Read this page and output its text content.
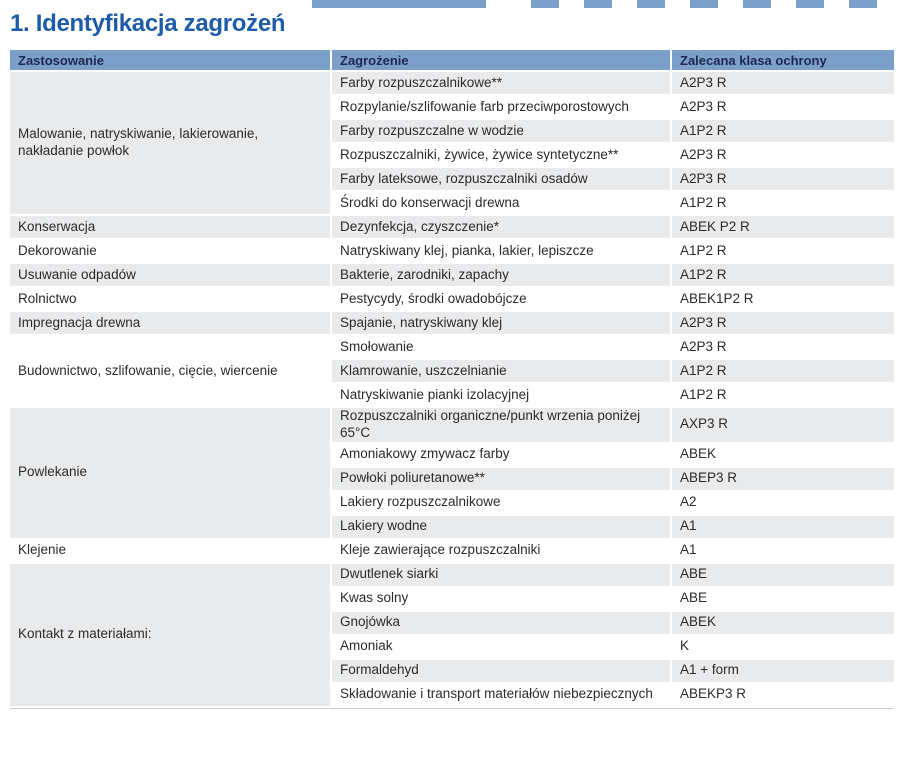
1. Identyfikacja zagrożeń
Zastosowanie	Zagrożenie	Zalecana klasa ochrony
Malowanie, natryskiwanie, lakierowanie, nakładanie powłok	Farby rozpuszczalnikowe**	A2P3 R
	Rozpylanie/szlifowanie farb przeciwporostowych	A2P3 R
	Farby rozpuszczalne w wodzie	A1P2 R
	Rozpuszczalniki, żywice, żywice syntetyczne**	A2P3 R
	Farby lateksowe, rozpuszczalniki osadów	A2P3 R
	Środki do konserwacji drewna	A1P2 R
Konserwacja	Dezynfekcja, czyszczenie*	ABEK P2 R
Dekorowanie	Natryskiwany klej, pianka, lakier, lepiszcze	A1P2 R
Usuwanie odpadów	Bakterie, zarodniki, zapachy	A1P2 R
Rolnictwo	Pestycydy, środki owadobójcze	ABEK1P2 R
Impregnacja drewna	Spajanie, natryskiwany klej	A2P3 R
Budownictwo, szlifowanie, cięcie, wiercenie	Smołowanie	A2P3 R
	Klamrowanie, uszczelnianie	A1P2 R
	Natryskiwanie pianki izolacyjnej	A1P2 R
Powlekanie	Rozpuszczalniki organiczne/punkt wrzenia poniżej 65°C	AXP3 R
	Amoniakowy zmywacz farby	ABEK
	Powłoki poliuretanowe**	ABEP3 R
	Lakiery rozpuszczalnikowe	A2
	Lakiery wodne	A1
Klejenie	Kleje zawierające rozpuszczalniki	A1
Kontakt z materiałami:	Dwutlenek siarki	ABE
	Kwas solny	ABE
	Gnojówka	ABEK
	Amoniak	K
	Formaldehyd	A1 + form
	Składowanie i transport materiałów niebezpiecznych	ABEKP3 R
